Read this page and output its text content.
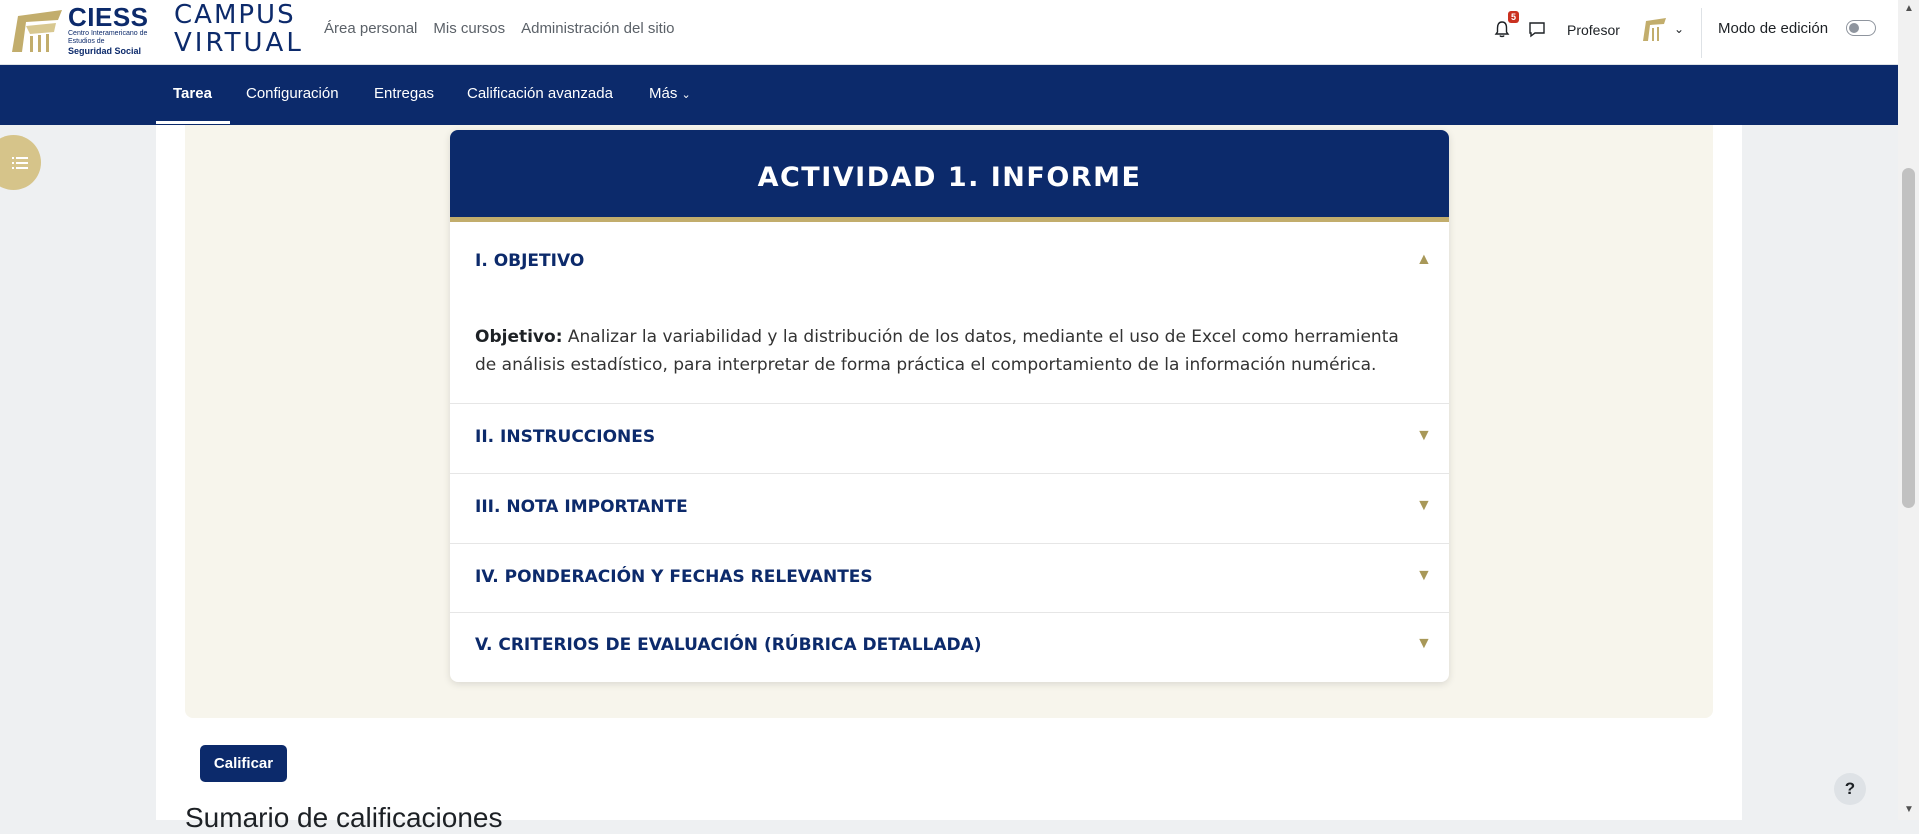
CIESS
Centro Interamericano de Estudios de
Seguridad Social
CAMPUS
VIRTUAL Área personal Mis cursos Administración del sitio
5
Profesor	⌄ Modo de edición
Tarea Configuración Entregas Calificación avanzada Más ⌄
ACTIVIDAD 1. INFORME
I. OBJETIVO	▲
Objetivo: Analizar la variabilidad y la distribución de los datos, mediante el uso de Excel como herramienta de análisis estadístico, para interpretar de forma práctica el comportamiento de la información numérica.
II. INSTRUCCIONES	▼
III. NOTA IMPORTANTE	▼
IV. PONDERACIÓN Y FECHAS RELEVANTES	▼
V. CRITERIOS DE EVALUACIÓN (RÚBRICA DETALLADA)	▼
Calificar
Sumario de calificaciones
?
▲
▼
